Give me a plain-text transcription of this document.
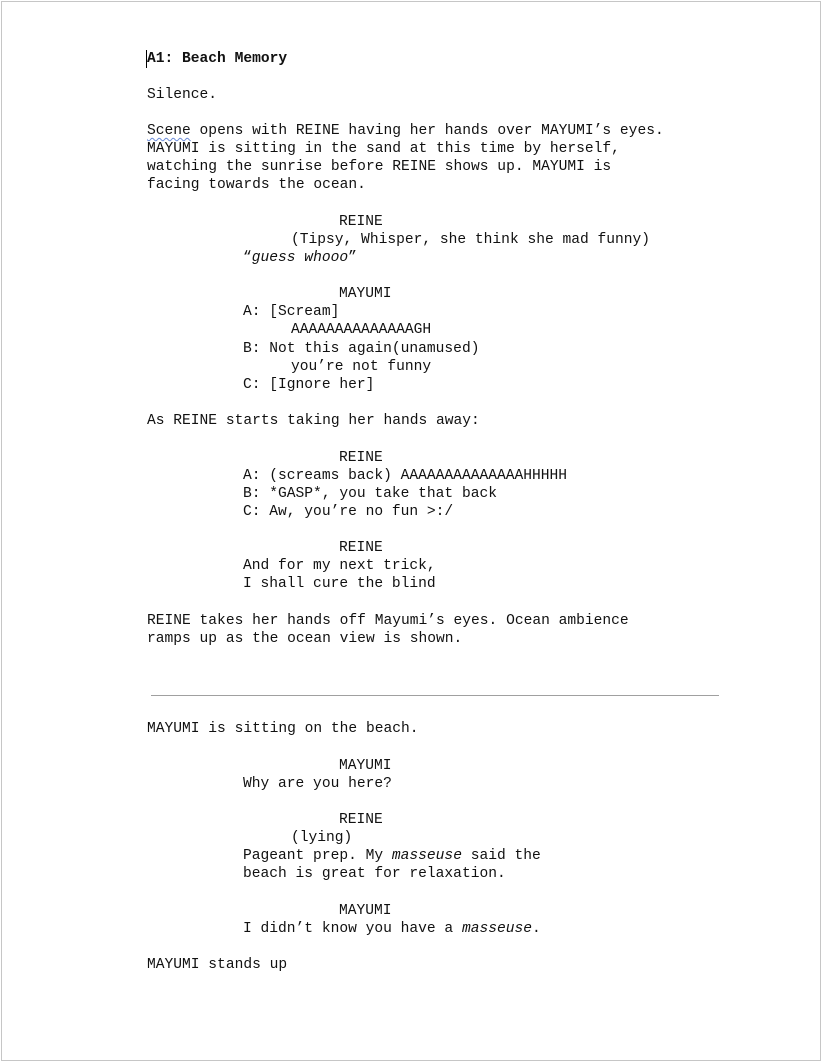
A1: Beach Memory
Silence.
Scene opens with REINE having her hands over MAYUMI’s eyes.
MAYUMI is sitting in the sand at this time by herself,
watching the sunrise before REINE shows up. MAYUMI is
facing towards the ocean.
REINE
(Tipsy, Whisper, she think she mad funny)
“guess whooo”
MAYUMI
A: [Scream]
AAAAAAAAAAAAAAGH
B: Not this again(unamused)
you’re not funny
C: [Ignore her]
As REINE starts taking her hands away:
REINE
A: (screams back) AAAAAAAAAAAAAAHHHHH
B: *GASP*, you take that back
C: Aw, you’re no fun >:/
REINE
And for my next trick,
I shall cure the blind
REINE takes her hands off Mayumi’s eyes. Ocean ambience
ramps up as the ocean view is shown.
MAYUMI is sitting on the beach.
MAYUMI
Why are you here?
REINE
(lying)
Pageant prep. My masseuse said the
beach is great for relaxation.
MAYUMI
I didn’t know you have a masseuse.
MAYUMI stands up
